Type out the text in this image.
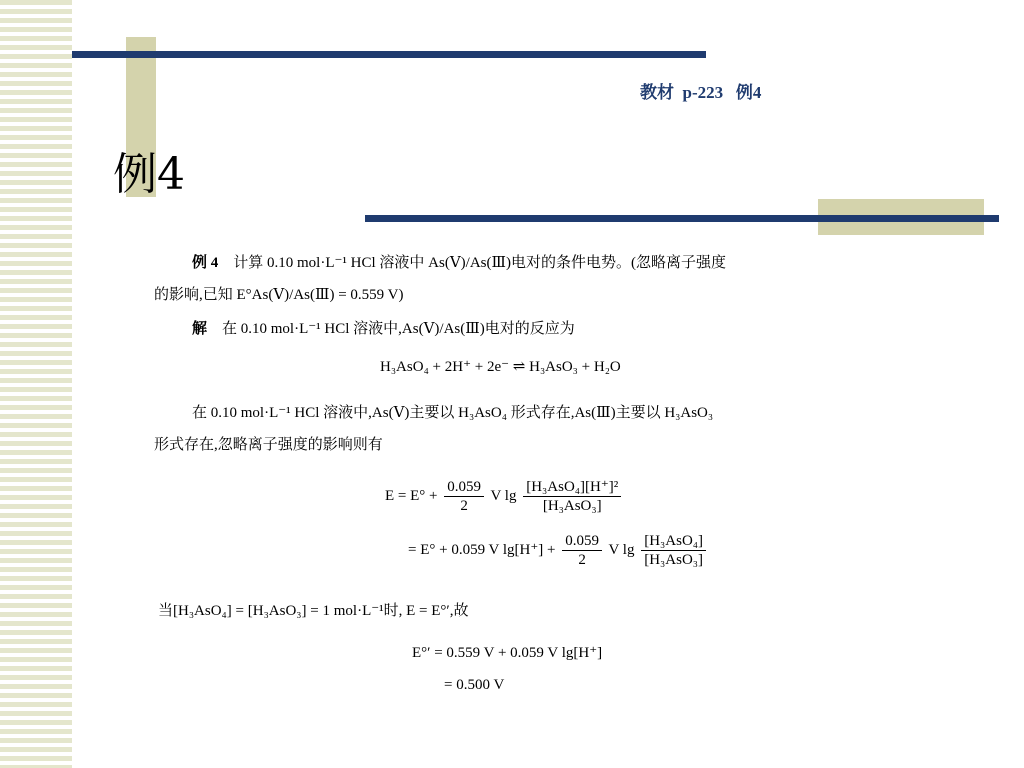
教材  p-223   例4
例4
例 4 计算 0.10 mol·L⁻¹ HCl 溶液中 As(Ⅴ)/As(Ⅲ)电对的条件电势。(忽略离子强度
的影响,已知 E°As(Ⅴ)/As(Ⅲ) = 0.559 V)
解 在 0.10 mol·L⁻¹ HCl 溶液中,As(Ⅴ)/As(Ⅲ)电对的反应为
H₃AsO₄ + 2H⁺ + 2e⁻ ⇌ H₃AsO₃ + H₂O
在 0.10 mol·L⁻¹ HCl 溶液中,As(Ⅴ)主要以 H₃AsO₄ 形式存在,As(Ⅲ)主要以 H₃AsO₃
形式存在,忽略离子强度的影响则有
$E = E^\circ + \frac{0.059}{2}$ V $\lg \frac{\text{[H₃AsO₄][H⁺]²}}{\text{[H₃AsO₃]}}$
= E° + 0.059 V $\lg[H^+] + \frac{0.059}{2}$ V $\lg \frac{\text{[H₃AsO₄]}}{\text{[H₃AsO₃]}}$
当[H₃AsO₄] = [H₃AsO₃] = 1 mol·L⁻¹时, E = E°′,故
E°′ = 0.559 V + 0.059 V lg[H⁺]
= 0.500 V
